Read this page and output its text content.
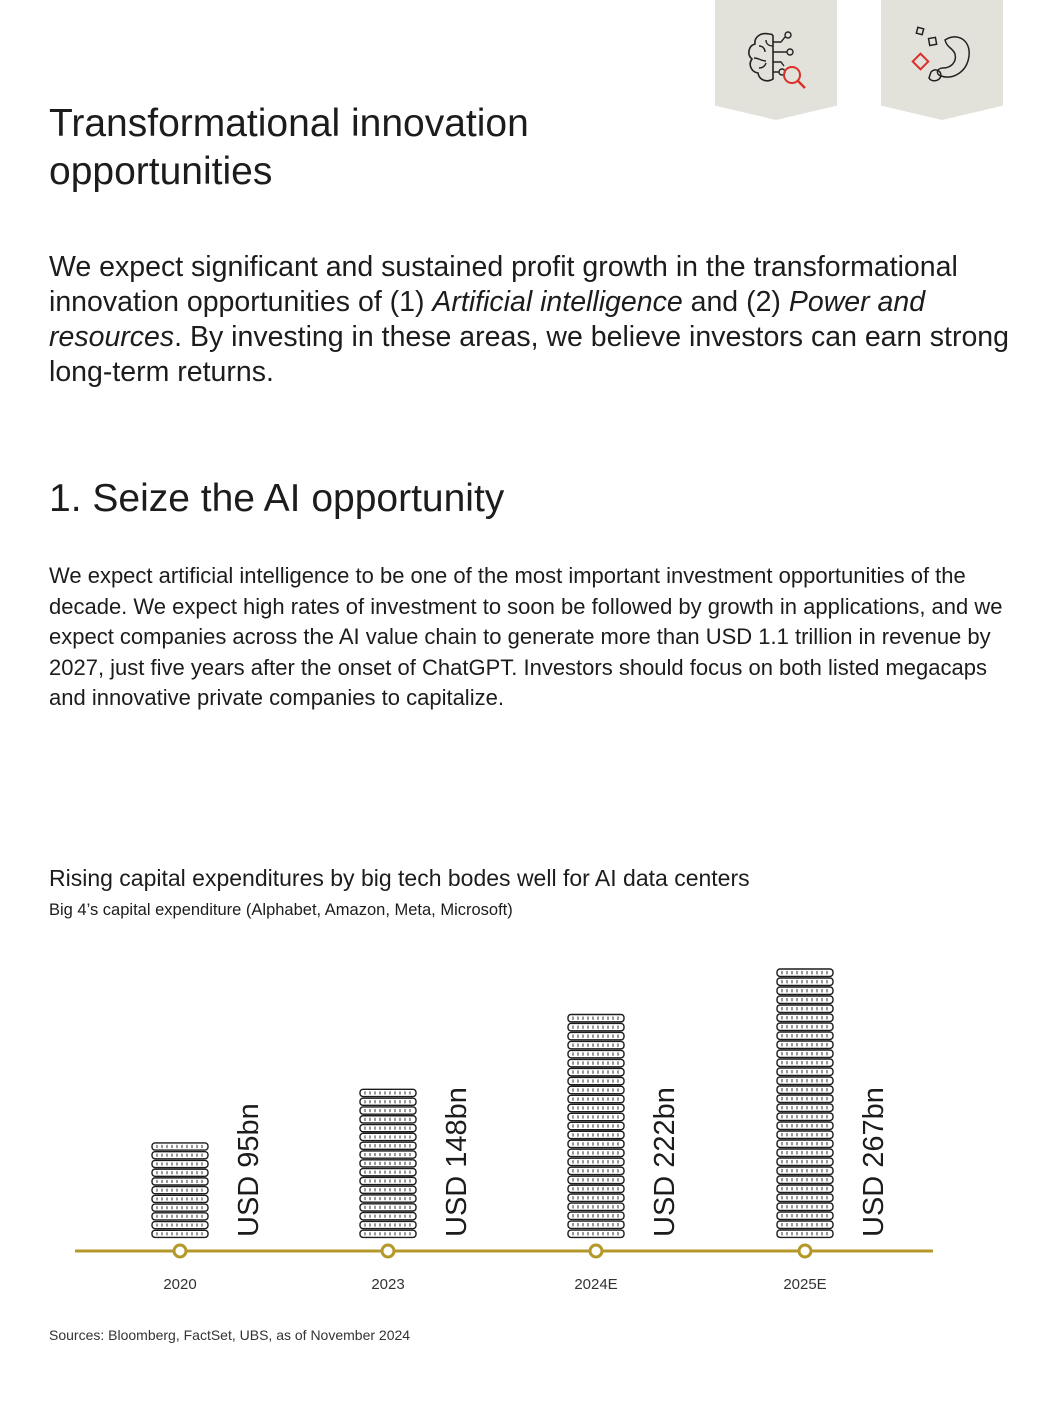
Transformational innovation opportunities

We expect significant and sustained profit growth in the transformational innovation opportunities of (1) Artificial intelligence and (2) Power and resources. By investing in these areas, we believe investors can earn strong long-term returns.

1. Seize the AI opportunity

We expect artificial intelligence to be one of the most important investment opportunities of the decade. We expect high rates of investment to soon be followed by growth in applications, and we expect companies across the AI value chain to generate more than USD 1.1 trillion in revenue by 2027, just five years after the onset of ChatGPT. Investors should focus on both listed megacaps and innovative private companies to capitalize.

Rising capital expenditures by big tech bodes well for AI data centers

Big 4’s capital expenditure (Alphabet, Amazon, Meta, Microsoft)

2020
USD 95bn
2023
USD 148bn
2024E
USD 222bn
2025E
USD 267bn

Sources: Bloomberg, FactSet, UBS, as of November 2024
